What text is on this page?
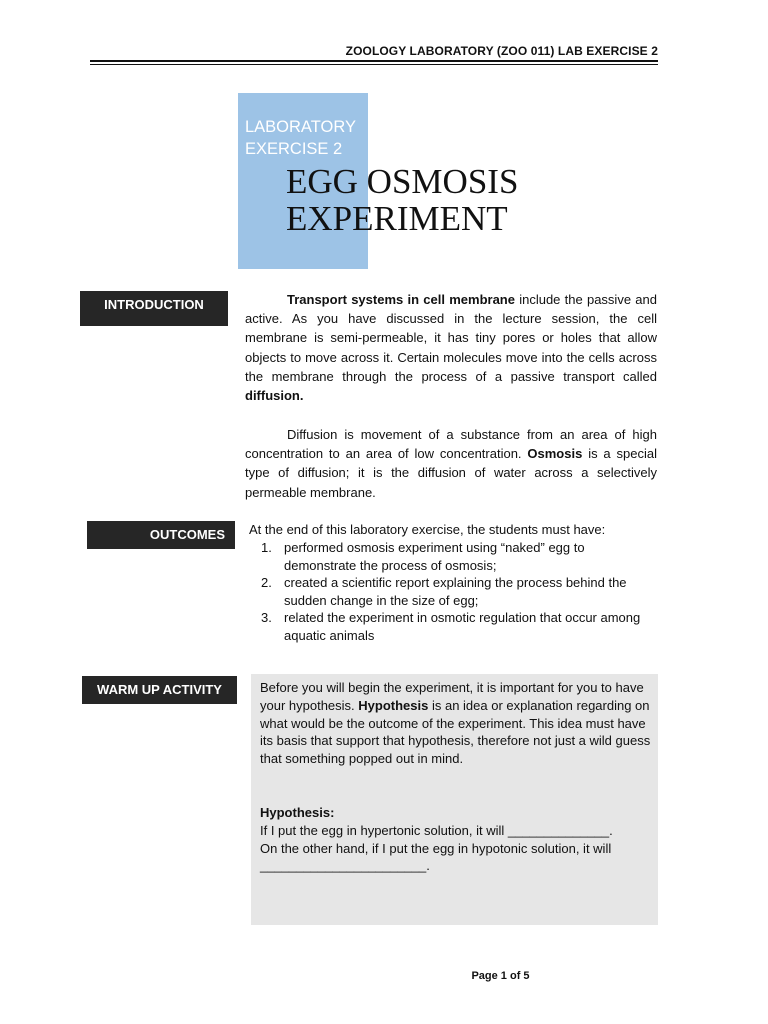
ZOOLOGY LABORATORY (ZOO 011) LAB EXERCISE 2
LABORATORY
EXERCISE 2
EGG OSMOSIS
EXPERIMENT
INTRODUCTION	Transport systems in cell membrane include the passive and active. As you have discussed in the lecture session, the cell membrane is semi-permeable, it has tiny pores or holes that allow objects to move across it. Certain molecules move into the cells across the membrane through the process of a passive transport called diffusion.

Diffusion is movement of a substance from an area of high concentration to an area of low concentration. Osmosis is a special type of diffusion; it is the diffusion of water across a selectively permeable membrane.

OUTCOMES	At the end of this laboratory exercise, the students must have:
1. performed osmosis experiment using “naked” egg to demonstrate the process of osmosis;
2. created a scientific report explaining the process behind the sudden change in the size of egg;
3. related the experiment in osmotic regulation that occur among aquatic animals
WARM UP ACTIVITY	Before you will begin the experiment, it is important for you to have your hypothesis. Hypothesis is an idea or explanation regarding on what would be the outcome of the experiment. This idea must have its basis that support that hypothesis, therefore not just a wild guess that something popped out in mind.

Hypothesis:

If I put the egg in hypertonic solution, it will ______________.

On the other hand, if I put the egg in hypotonic solution, it will _______________________.

Page 1 of 5
